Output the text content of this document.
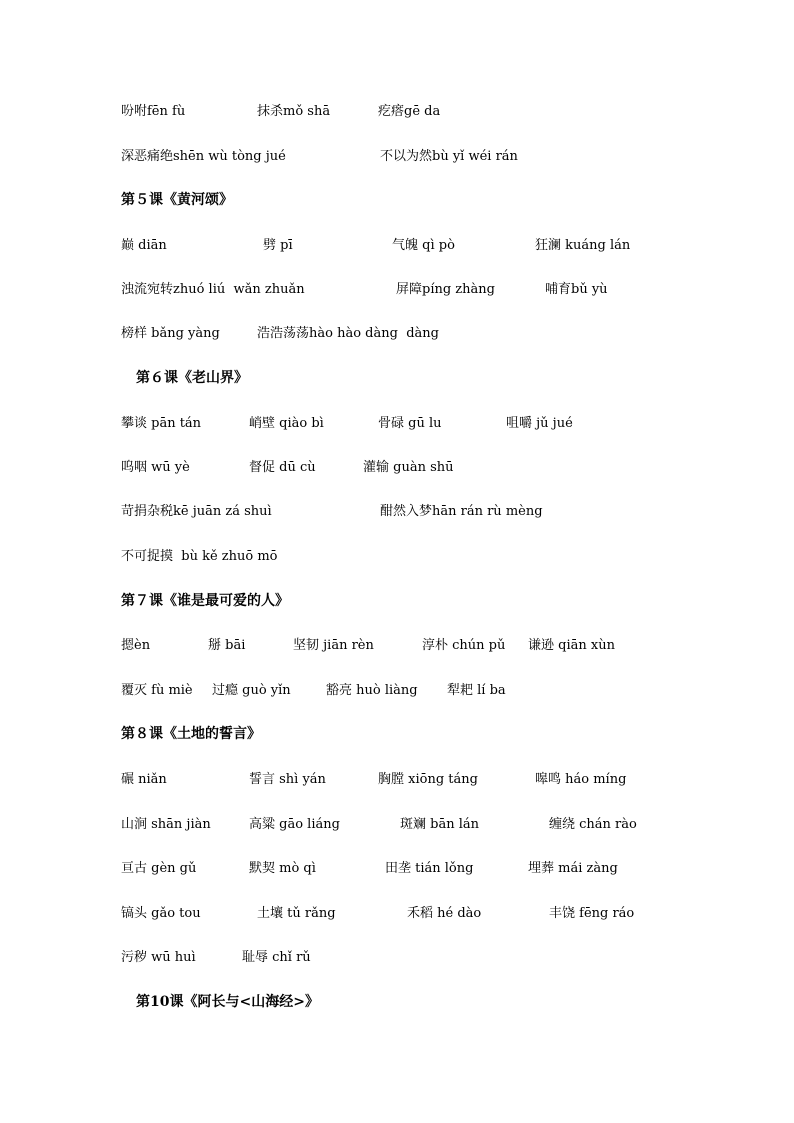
吩咐fēn fù	抹杀mǒ shā	疙瘩gē da
深恶痛绝shēn wù tòng jué	不以为然bù yǐ wéi rán
第５课《黄河颂》
巅 diān	劈 pī	气魄 qì pò	狂澜 kuáng lán
浊流宛转zhuó liú  wǎn zhuǎn	屏障píng zhàng	哺育bǔ yù
榜样 bǎng yàng	浩浩荡荡hào hào dàng  dàng
第６课《老山界》
攀谈 pān tán	峭壁 qiào bì	骨碌 gū lu	咀嚼 jǔ jué
呜咽 wū yè	督促 dū cù	灌输 guàn shū
苛捐杂税kē juān zá shuì	酣然入梦hān rán rù mèng
不可捉摸  bù kě zhuō mō
第７课《谁是最可爱的人》
摁èn	掰 bāi	坚韧 jiān rèn	淳朴 chún pǔ 谦逊 qiān xùn
覆灭 fù miè 过瘾 guò yǐn	豁亮 huò liàng 犁耙 lí ba
第８课《土地的誓言》
碾 niǎn	誓言 shì yán	胸膛 xiōng táng	嗥鸣 háo míng
山涧 shān jiàn	高粱 gāo liáng	斑斓 bān lán	缠绕 chán rào
亘古 gèn gǔ	默契 mò qì	田垄 tián lǒng	埋葬 mái zàng
镐头 gǎo tou	土壤 tǔ rǎng	禾稻 hé dào	丰饶 fēng ráo
污秽 wū huì	耻辱 chǐ rǔ
第10课《阿长与<山海经>》
